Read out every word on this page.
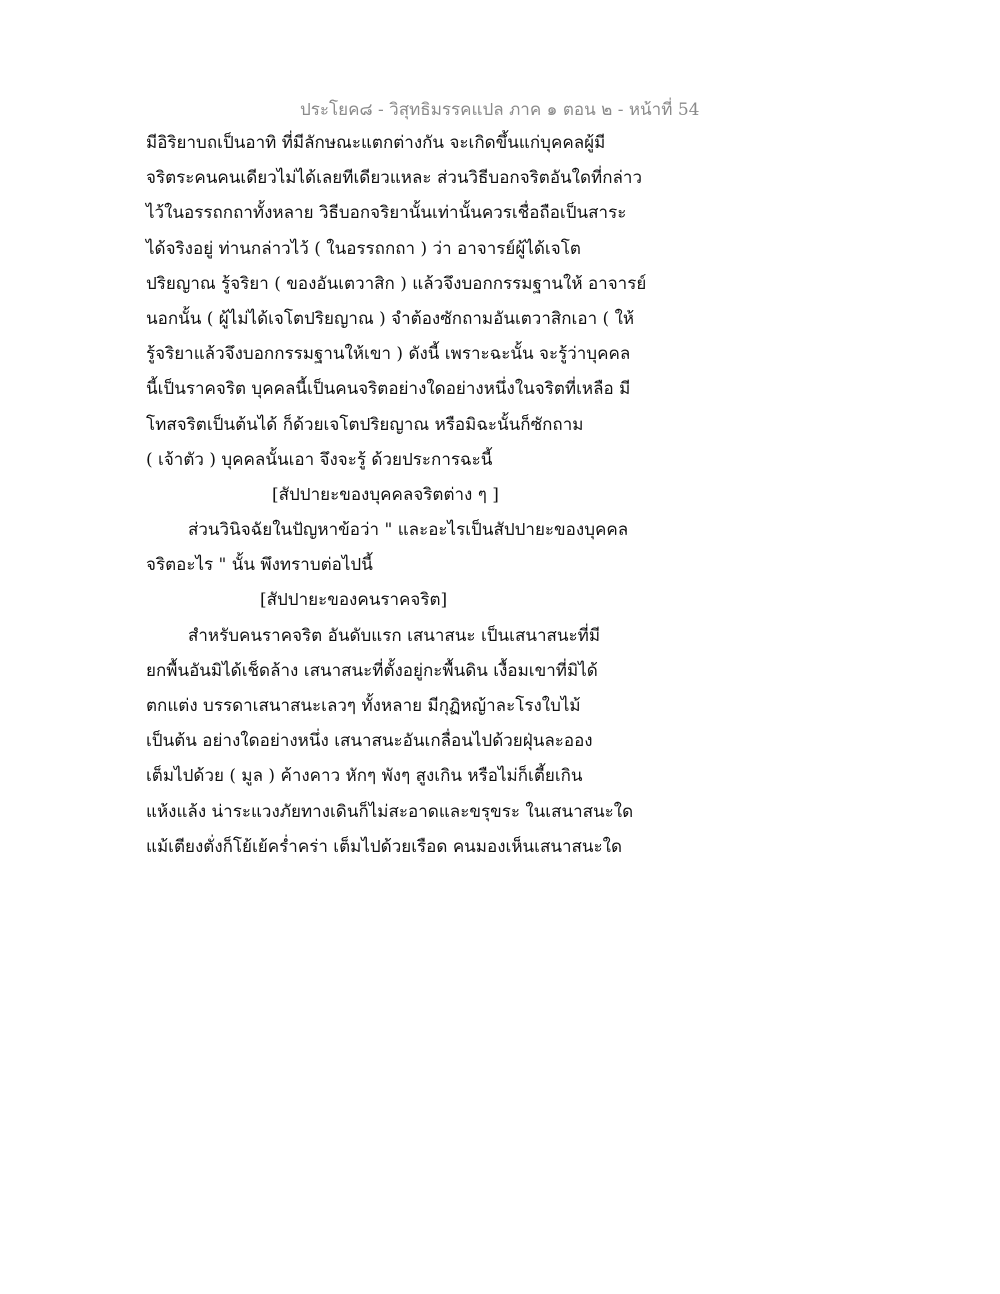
ประโยค๘ - วิสุทธิมรรคแปล ภาค ๑ ตอน ๒ - หน้าที่ 54
มีอิริยาบถเป็นอาทิ ที่มีลักษณะแตกต่างกัน จะเกิดขึ้นแก่บุคคลผู้มี
จริตระคนคนเดียวไม่ได้เลยทีเดียวแหละ ส่วนวิธีบอกจริตอันใดที่กล่าว
ไว้ในอรรถกถาทั้งหลาย วิธีบอกจริยานั้นเท่านั้นควรเชื่อถือเป็นสาระ
ได้จริงอยู่ ท่านกล่าวไว้ ( ในอรรถกถา ) ว่า อาจารย์ผู้ได้เจโต
ปริยญาณ รู้จริยา ( ของอันเตวาสิก ) แล้วจึงบอกกรรมฐานให้ อาจารย์
นอกนั้น ( ผู้ไม่ได้เจโตปริยญาณ ) จำต้องซักถามอันเตวาสิกเอา ( ให้
รู้จริยาแล้วจึงบอกกรรมฐานให้เขา ) ดังนี้ เพราะฉะนั้น จะรู้ว่าบุคคล
นี้เป็นราคจริต บุคคลนี้เป็นคนจริตอย่างใดอย่างหนึ่งในจริตที่เหลือ มี
โทสจริตเป็นต้นได้ ก็ด้วยเจโตปริยญาณ หรือมิฉะนั้นก็ซักถาม
( เจ้าตัว ) บุคคลนั้นเอา จึงจะรู้ ด้วยประการฉะนี้
[สัปปายะของบุคคลจริตต่าง ๆ ]
ส่วนวินิจฉัยในปัญหาข้อว่า " และอะไรเป็นสัปปายะของบุคคล
จริตอะไร " นั้น พึงทราบต่อไปนี้
[สัปปายะของคนราคจริต]
สำหรับคนราคจริต อันดับแรก เสนาสนะ เป็นเสนาสนะที่มี
ยกพื้นอันมิได้เช็ดล้าง เสนาสนะที่ตั้งอยู่กะพื้นดิน เงื้อมเขาที่มิได้
ตกแต่ง บรรดาเสนาสนะเลวๆ ทั้งหลาย มีกุฏิหญ้าละโรงใบไม้
เป็นต้น อย่างใดอย่างหนึ่ง เสนาสนะอันเกลื่อนไปด้วยฝุ่นละออง
เต็มไปด้วย ( มูล ) ค้างคาว หักๆ พังๆ สูงเกิน หรือไม่ก็เตี้ยเกิน
แห้งแล้ง น่าระแวงภัยทางเดินก็ไม่สะอาดและขรุขระ ในเสนาสนะใด
แม้เตียงตั่งก็โย้เย้คร่ำคร่า เต็มไปด้วยเรือด คนมองเห็นเสนาสนะใด
